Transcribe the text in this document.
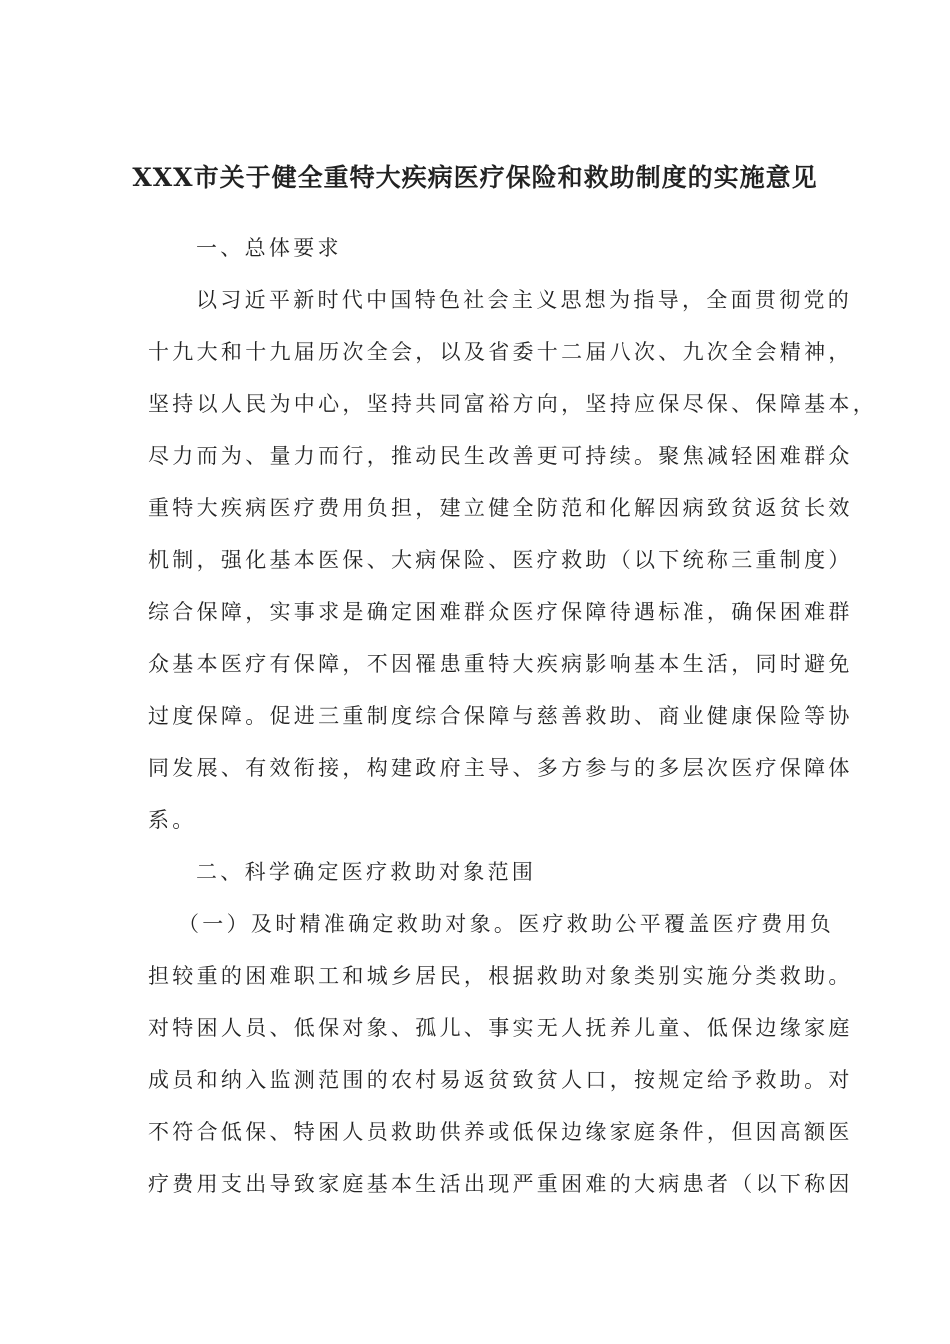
XXX市关于健全重特大疾病医疗保险和救助制度的实施意见
一、总体要求
以习近平新时代中国特色社会主义思想为指导，全面贯彻党的
十九大和十九届历次全会，以及省委十二届八次、九次全会精神，
坚持以人民为中心，坚持共同富裕方向，坚持应保尽保、保障基本，
尽力而为、量力而行，推动民生改善更可持续。聚焦减轻困难群众
重特大疾病医疗费用负担，建立健全防范和化解因病致贫返贫长效
机制，强化基本医保、大病保险、医疗救助（以下统称三重制度）
综合保障，实事求是确定困难群众医疗保障待遇标准，确保困难群
众基本医疗有保障，不因罹患重特大疾病影响基本生活，同时避免
过度保障。促进三重制度综合保障与慈善救助、商业健康保险等协
同发展、有效衔接，构建政府主导、多方参与的多层次医疗保障体
系。
二、科学确定医疗救助对象范围
（一）及时精准确定救助对象。医疗救助公平覆盖医疗费用负
担较重的困难职工和城乡居民，根据救助对象类别实施分类救助。
对特困人员、低保对象、孤儿、事实无人抚养儿童、低保边缘家庭
成员和纳入监测范围的农村易返贫致贫人口，按规定给予救助。对
不符合低保、特困人员救助供养或低保边缘家庭条件，但因高额医
疗费用支出导致家庭基本生活出现严重困难的大病患者（以下称因
